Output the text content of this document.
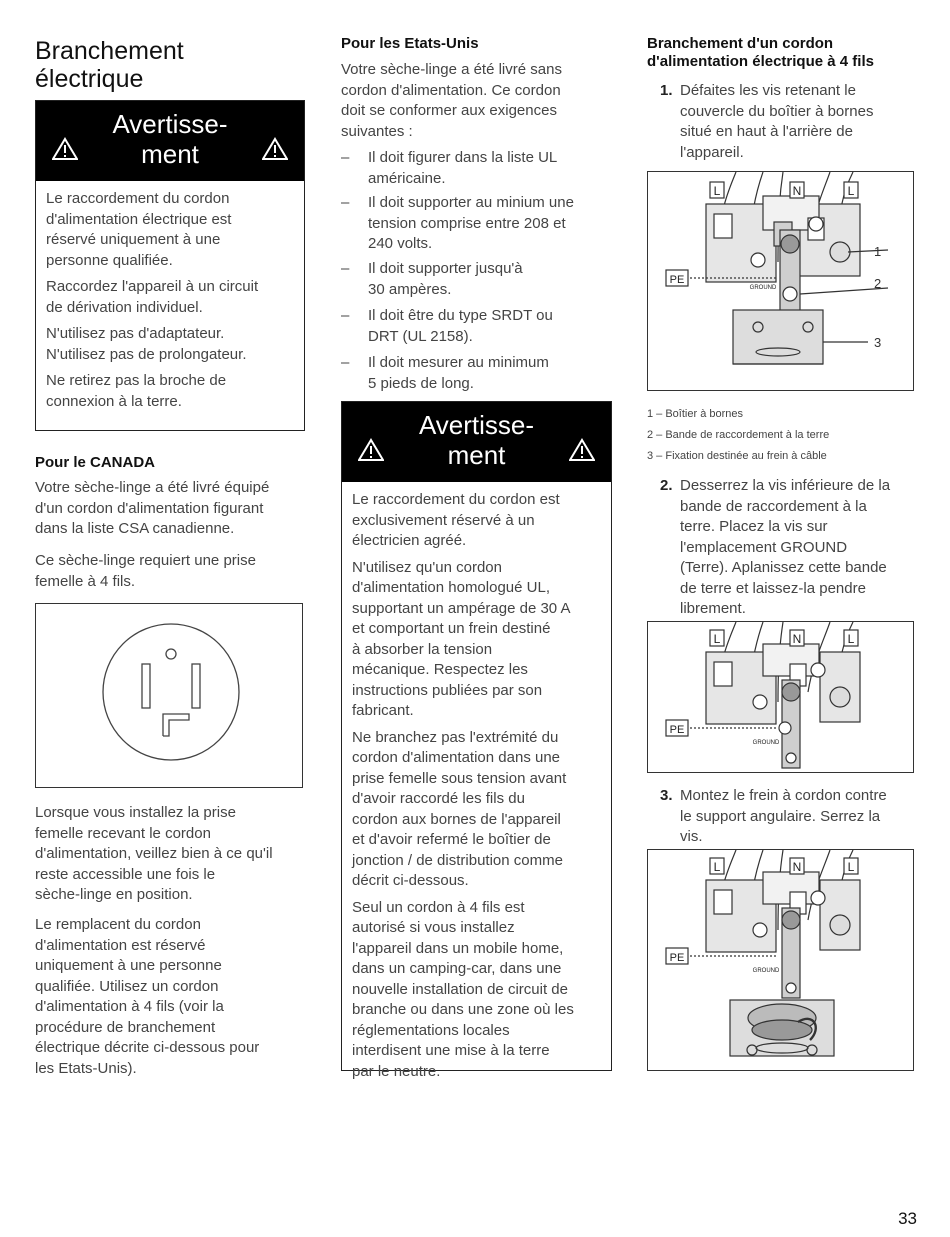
Branchement
électrique
Avertisse-
ment
Le raccordement du cordon
d'alimentation électrique est
réservé uniquement à une
personne qualifiée.
Raccordez l'appareil à un circuit
de dérivation individuel.
N'utilisez pas d'adaptateur.
N'utilisez pas de prolongateur.
Ne retirez pas la broche de
connexion à la terre.
Pour le CANADA
Votre sèche-linge a été livré équipé
d'un cordon d'alimentation figurant
dans la liste CSA canadienne.
Ce sèche-linge requiert une prise
femelle à 4 fils.
Lorsque vous installez la prise
femelle recevant le cordon
d'alimentation, veillez bien à ce qu'il
reste accessible une fois le
sèche-linge en position.
Le remplacent du cordon
d'alimentation est réservé
uniquement à une personne
qualifiée. Utilisez un cordon
d'alimentation à 4 fils (voir la
procédure de branchement
électrique décrite ci-dessous pour
les Etats-Unis).
Pour les Etats-Unis
Votre sèche-linge a été livré sans
cordon d'alimentation. Ce cordon
doit se conformer aux exigences
suivantes :
– Il doit figurer dans la liste UL
américaine.
– Il doit supporter au minium une
tension comprise entre 208 et
240 volts.
– Il doit supporter jusqu'à
30 ampères.
– Il doit être du type SRDT ou
DRT (UL 2158).
– Il doit mesurer au minimum
5 pieds de long.
Avertisse-
ment
Le raccordement du cordon est
exclusivement réservé à un
électricien agréé.
N'utilisez qu'un cordon
d'alimentation homologué UL,
supportant un ampérage de 30 A
et comportant un frein destiné
à absorber la tension
mécanique. Respectez les
instructions publiées par son
fabricant.
Ne branchez pas l'extrémité du
cordon d'alimentation dans une
prise femelle sous tension avant
d'avoir raccordé les fils du
cordon aux bornes de l'appareil
et d'avoir refermé le boîtier de
jonction / de distribution comme
décrit ci-dessous.
Seul un cordon à 4 fils est
autorisé si vous installez
l'appareil dans un mobile home,
dans un camping-car, dans une
nouvelle installation de circuit de
branche ou dans une zone où les
réglementations locales
interdisent une mise à la terre
par le neutre.
Branchement d'un cordon
d'alimentation électrique à 4 fils
1. Défaites les vis retenant le
couvercle du boîtier à bornes
situé en haut à l'arrière de
l'appareil.
L	N	L
PE
GROUND
1
2
3
1 – Boîtier à bornes
2 – Bande de raccordement à la terre
3 – Fixation destinée au frein à câble
2. Desserrez la vis inférieure de la
bande de raccordement à la
terre. Placez la vis sur
l'emplacement GROUND
(Terre). Aplanissez cette bande
de terre et laissez-la pendre
librement.
L	N	L
PE
GROUND
3. Montez le frein à cordon contre
le support angulaire. Serrez la
vis.
L	N	L
PE
GROUND
33
